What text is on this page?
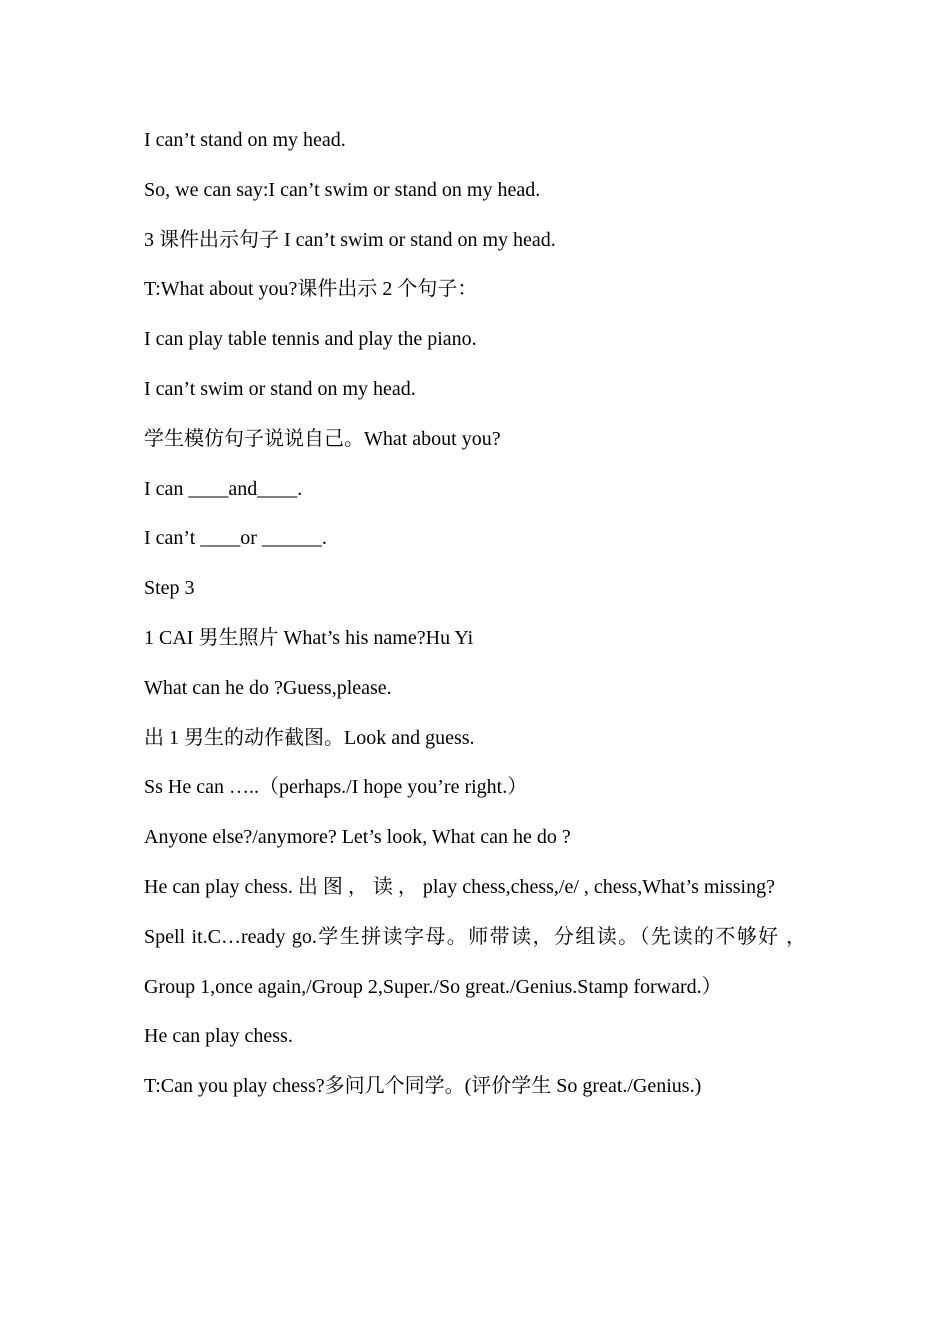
I can’t stand on my head.

So, we can say:I can’t swim or stand on my head.

3 课件出示句子 I can’t swim or stand on my head.

T:What about you?课件出示 2 个句子：

I can play table tennis and play the piano.

I can’t swim or stand on my head.

学生模仿句子说说自己。What about you?

I can ____and____.

I can’t ____or ______.

Step 3

1 CAI 男生照片 What’s his name?Hu Yi

What can he do ?Guess,please.

出 1 男生的动作截图。Look and guess.

Ss He can …..（perhaps./I hope you’re right.）

Anyone else?/anymore? Let’s look, What can he do ?

He can play chess. 出 图 ， 读 ， play chess,chess,/e/ , chess,What’s missing?

Spell it.C…ready go.学生拼读字母。师带读，分组读。（先读的不够好 ， Group 1,once again,/Group 2,Super./So great./Genius.Stamp forward.）

He can play chess.

T:Can you play chess?多问几个同学。(评价学生 So great./Genius.)
